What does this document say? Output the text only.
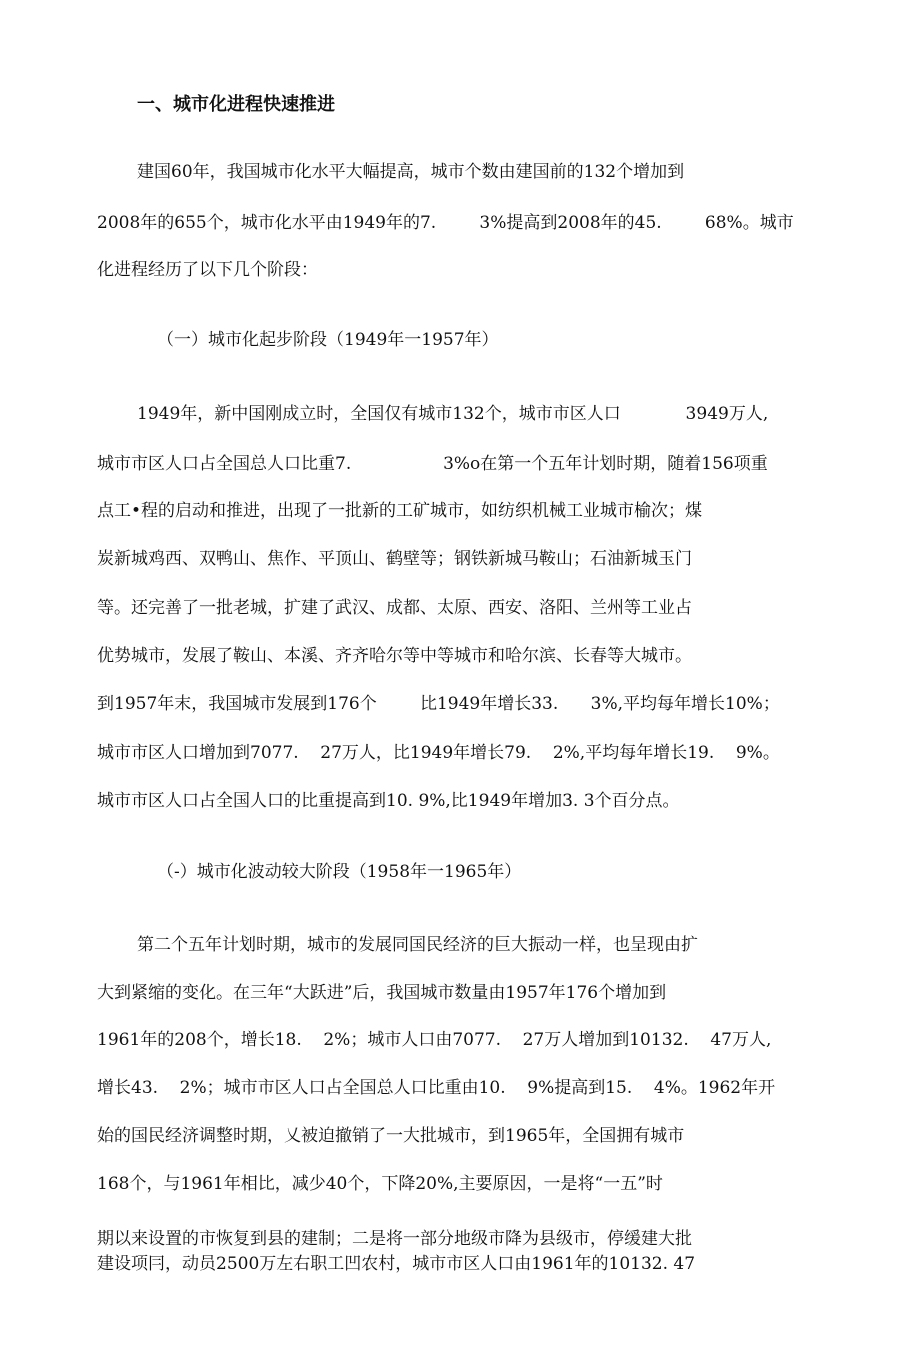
一、城市化进程快速推进
建国60年，我国城市化水平大幅提高，城市个数由建国前的132个增加到
2008年的655个，城市化水平由1949年的7.        3%提高到2008年的45.        68%。城市
化进程经历了以下几个阶段：
（一）城市化起步阶段（1949年一1957年）
1949年，新中国刚成立时，全国仅有城市132个，城市市区人口            3949万人,
城市市区人口占全国总人口比重7.                 3%o在第一个五年计划时期，随着156项重
点工•程的启动和推进，出现了一批新的工矿城市，如纺织机械工业城市榆次；煤
炭新城鸡西、双鸭山、焦作、平顶山、鹤壁等；钢铁新城马鞍山；石油新城玉门
等。还完善了一批老城，扩建了武汉、成都、太原、西安、洛阳、兰州等工业占
优势城市，发展了鞍山、本溪、齐齐哈尔等中等城市和哈尔滨、长春等大城市。
到1957年末，我国城市发展到176个        比1949年增长33.      3%,平均每年增长10%；
城市市区人口增加到7077.    27万人，比1949年增长79.    2%,平均每年增长19.    9%。
城市市区人口占全国人口的比重提高到10. 9%,比1949年增加3. 3个百分点。
（-）城市化波动较大阶段（1958年一1965年）
第二个五年计划时期，城市的发展同国民经济的巨大振动一样，也呈现由扩
大到紧缩的变化。在三年“大跃进”后，我国城市数量由1957年176个增加到
1961年的208个，增长18.    2%；城市人口由7077.    27万人增加到10132.    47万人,
增长43.    2%；城市市区人口占全国总人口比重由10.    9%提高到15.    4%。1962年开
始的国民经济调整时期，乂被迫撤销了一大批城市，到1965年，全国拥有城市
168个，与1961年相比，减少40个，下降20%,主要原因，一是将“一五”时
期以来设置的市恢复到县的建制；二是将一部分地级市降为县级市，停缓建大批
建设项冃，动员2500万左右职工凹农村，城市市区人口由1961年的10132. 47
